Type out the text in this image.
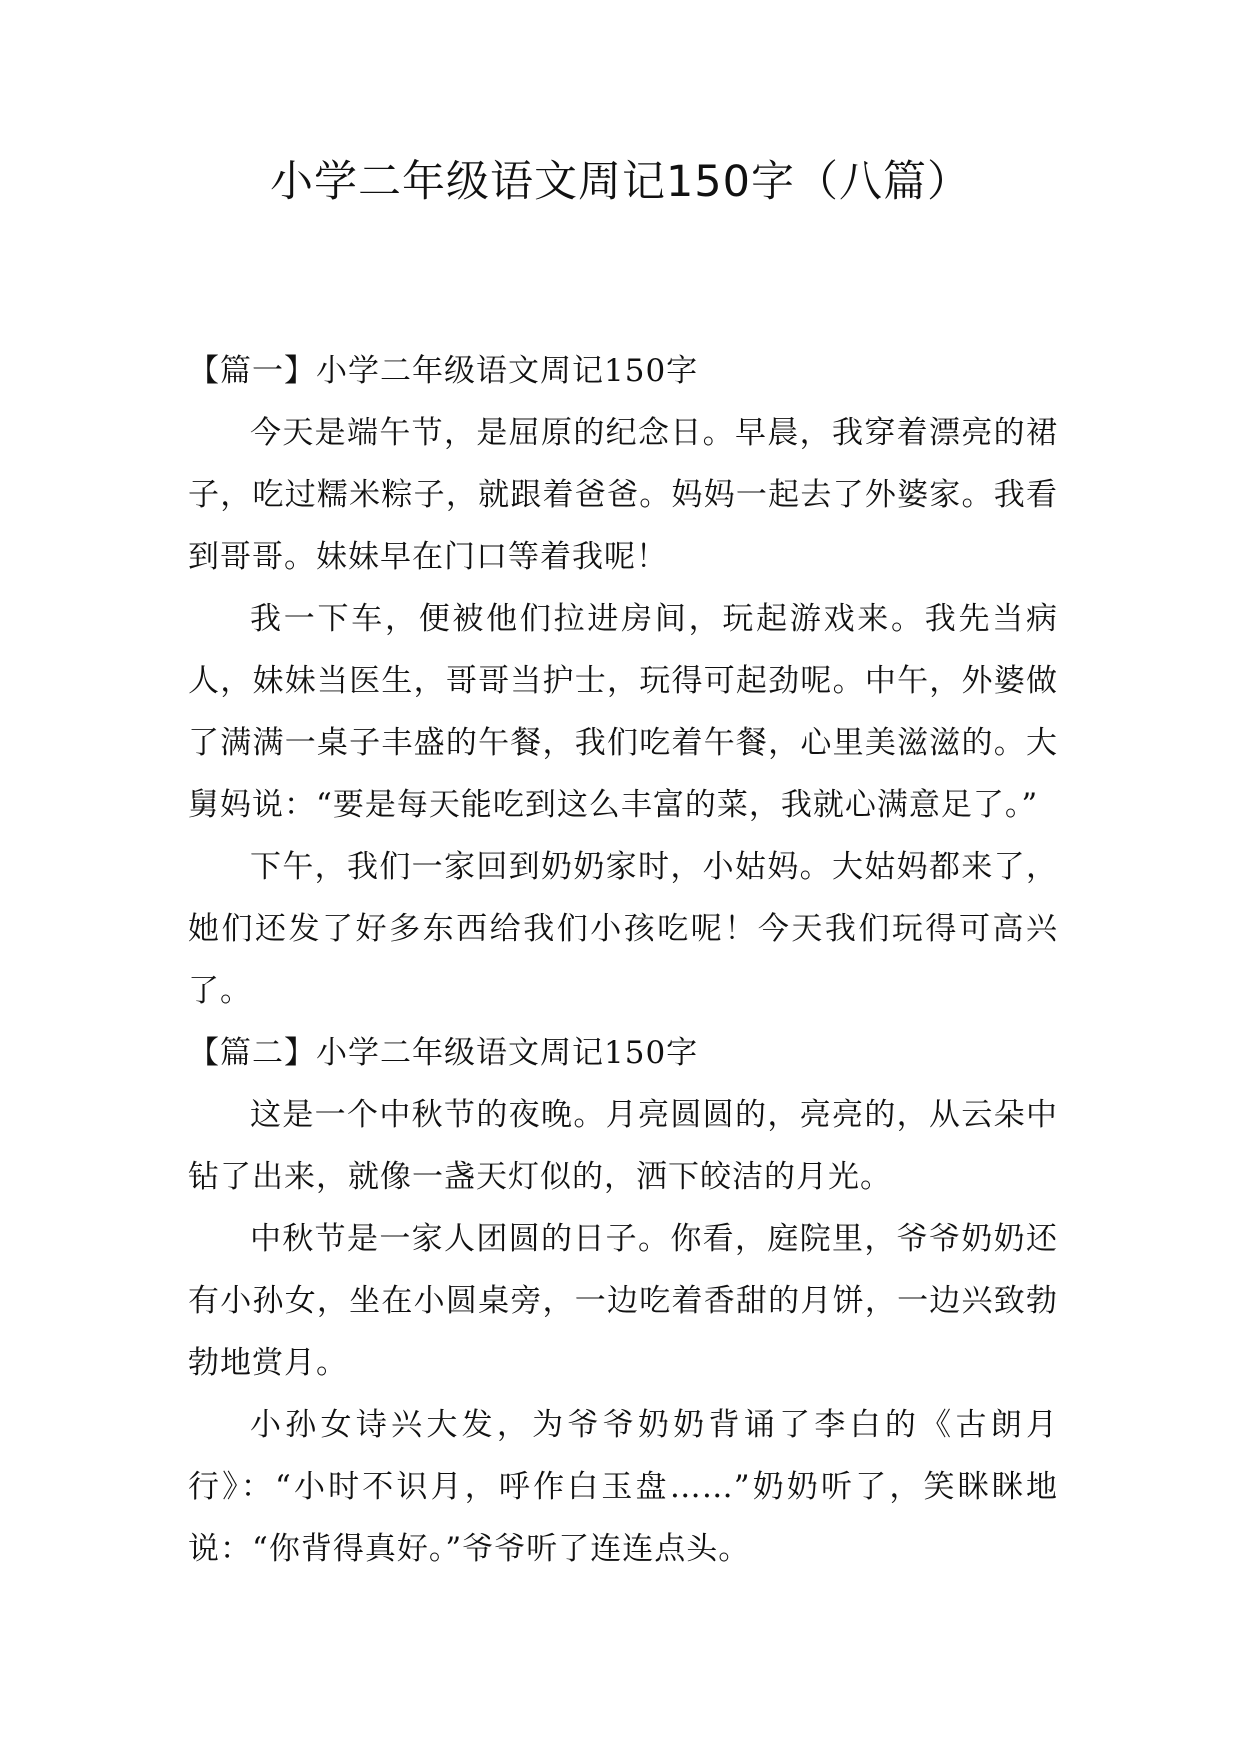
小学二年级语文周记150字（八篇）
【篇一】小学二年级语文周记150字

今天是端午节，是屈原的纪念日。早晨，我穿着漂亮的裙子，吃过糯米粽子，就跟着爸爸。妈妈一起去了外婆家。我看到哥哥。妹妹早在门口等着我呢！

我一下车，便被他们拉进房间，玩起游戏来。我先当病人，妹妹当医生，哥哥当护士，玩得可起劲呢。中午，外婆做了满满一桌子丰盛的午餐，我们吃着午餐，心里美滋滋的。大舅妈说：“要是每天能吃到这么丰富的菜，我就心满意足了。”

下午，我们一家回到奶奶家时，小姑妈。大姑妈都来了，她们还发了好多东西给我们小孩吃呢！今天我们玩得可高兴了。

【篇二】小学二年级语文周记150字

这是一个中秋节的夜晚。月亮圆圆的，亮亮的，从云朵中钻了出来，就像一盏天灯似的，洒下皎洁的月光。

中秋节是一家人团圆的日子。你看，庭院里，爷爷奶奶还有小孙女，坐在小圆桌旁，一边吃着香甜的月饼，一边兴致勃勃地赏月。

小孙女诗兴大发，为爷爷奶奶背诵了李白的《古朗月行》：“小时不识月，呼作白玉盘……”奶奶听了，笑眯眯地说：“你背得真好。”爷爷听了连连点头。
